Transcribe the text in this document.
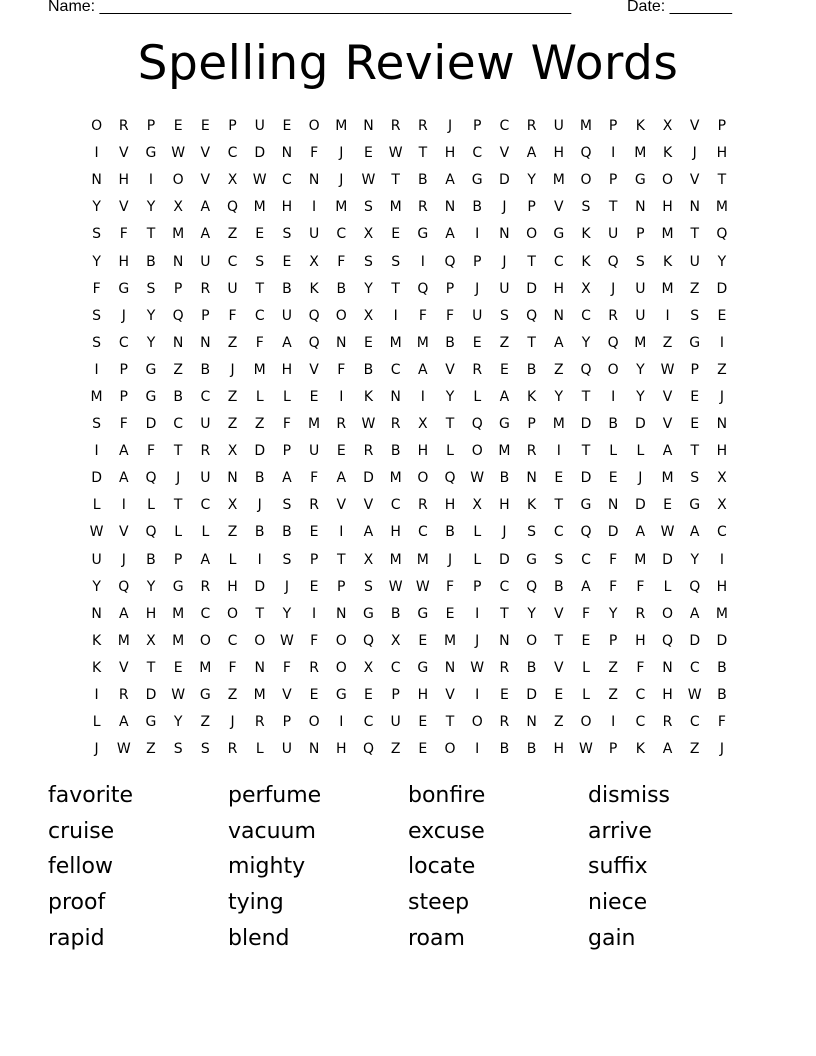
Name: _____________________________________________________	Date: _______
Spelling Review Words
O	R	P	E	E	P	U	E	O	M	N	R	R	J	P	C	R	U	M	P	K	X	V	P
I	V	G	W	V	C	D	N	F	J	E	W	T	H	C	V	A	H	Q	I	M	K	J	H
N	H	I	O	V	X	W	C	N	J	W	T	B	A	G	D	Y	M	O	P	G	O	V	T
Y	V	Y	X	A	Q	M	H	I	M	S	M	R	N	B	J	P	V	S	T	N	H	N	M
S	F	T	M	A	Z	E	S	U	C	X	E	G	A	I	N	O	G	K	U	P	M	T	Q
Y	H	B	N	U	C	S	E	X	F	S	S	I	Q	P	J	T	C	K	Q	S	K	U	Y
F	G	S	P	R	U	T	B	K	B	Y	T	Q	P	J	U	D	H	X	J	U	M	Z	D
S	J	Y	Q	P	F	C	U	Q	O	X	I	F	F	U	S	Q	N	C	R	U	I	S	E
S	C	Y	N	N	Z	F	A	Q	N	E	M	M	B	E	Z	T	A	Y	Q	M	Z	G	I
I	P	G	Z	B	J	M	H	V	F	B	C	A	V	R	E	B	Z	Q	O	Y	W	P	Z
M	P	G	B	C	Z	L	L	E	I	K	N	I	Y	L	A	K	Y	T	I	Y	V	E	J
S	F	D	C	U	Z	Z	F	M	R	W	R	X	T	Q	G	P	M	D	B	D	V	E	N
I	A	F	T	R	X	D	P	U	E	R	B	H	L	O	M	R	I	T	L	L	A	T	H
D	A	Q	J	U	N	B	A	F	A	D	M	O	Q	W	B	N	E	D	E	J	M	S	X
L	I	L	T	C	X	J	S	R	V	V	C	R	H	X	H	K	T	G	N	D	E	G	X
W	V	Q	L	L	Z	B	B	E	I	A	H	C	B	L	J	S	C	Q	D	A	W	A	C
U	J	B	P	A	L	I	S	P	T	X	M	M	J	L	D	G	S	C	F	M	D	Y	I
Y	Q	Y	G	R	H	D	J	E	P	S	W W	F	P	C	Q	B	A	F	F	L	Q	H
N	A	H	M	C	O	T	Y	I	N	G	B	G	E	I	T	Y	V	F	Y	R	O	A	M
K	M	X	M	O	C	O	W	F	O	Q	X	E	M	J	N	O	T	E	P	H	Q	D	D
K	V	T	E	M	F	N	F	R	O	X	C	G	N	W	R	B	V	L	Z	F	N	C	B
I	R	D	W	G	Z	M	V	E	G	E	P	H	V	I	E	D	E	L	Z	C	H	W	B
L	A	G	Y	Z	J	R	P	O	I	C	U	E	T	O	R	N	Z	O	I	C	R	C	F
J	W	Z	S	S	R	L	U	N	H	Q	Z	E	O	I	B	B	H	W	P	K	A	Z	J
favorite	perfume	bonfire	dismiss
cruise	vacuum	excuse	arrive
fellow	mighty	locate	suffix
proof	tying	steep	niece
rapid	blend	roam	gain
